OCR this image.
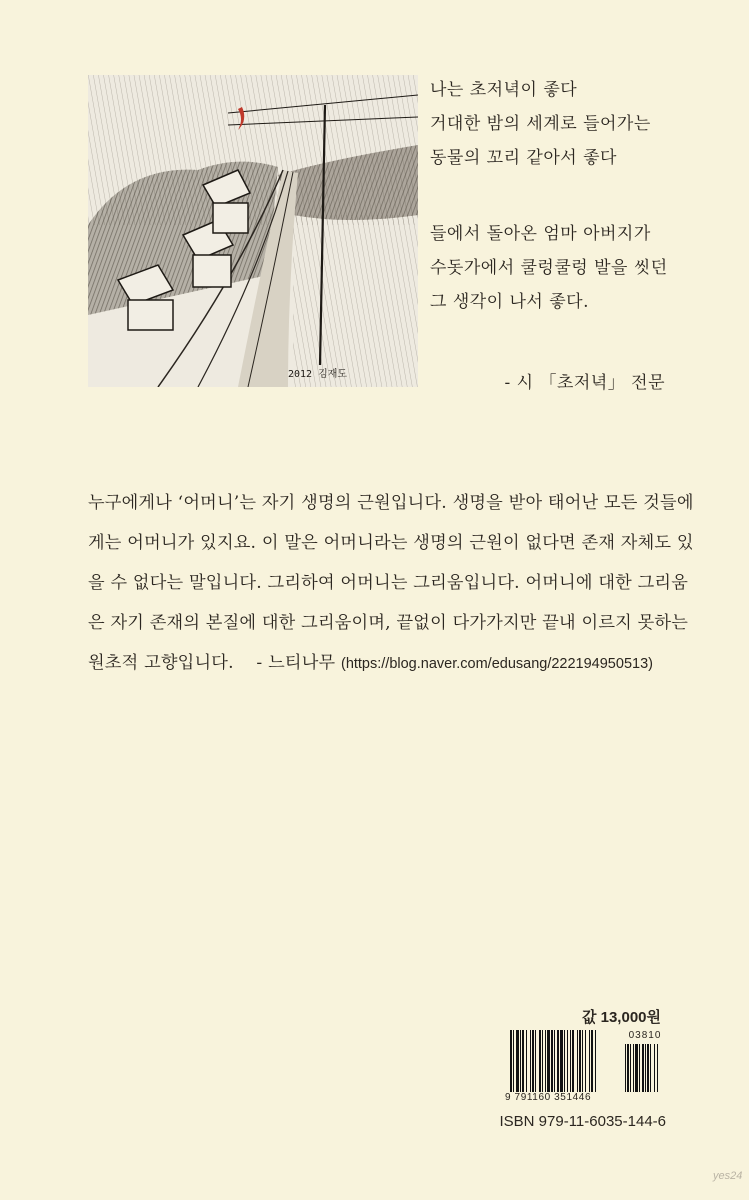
2012 김재도
나는 초저녁이 좋다
거대한 밤의 세계로 들어가는
동물의 꼬리 같아서 좋다
들에서 돌아온 엄마 아버지가
수돗가에서 쿨렁쿨렁 발을 씻던
그 생각이 나서 좋다.
- 시 「초저녁」 전문
누구에게나 ‘어머니’는 자기 생명의 근원입니다. 생명을 받아 태어난 모든 것들에
게는 어머니가 있지요. 이 말은 어머니라는 생명의 근원이 없다면 존재 자체도 있
을 수 없다는 말입니다. 그리하여 어머니는 그리움입니다. 어머니에 대한 그리움
은 자기 존재의 본질에 대한 그리움이며, 끝없이 다가가지만 끝내 이르지 못하는
원초적 고향입니다. - 느티나무 (https://blog.naver.com/edusang/222194950513)
값 13,000원
03810
9 791160 351446
ISBN 979-11-6035-144-6
yes24
